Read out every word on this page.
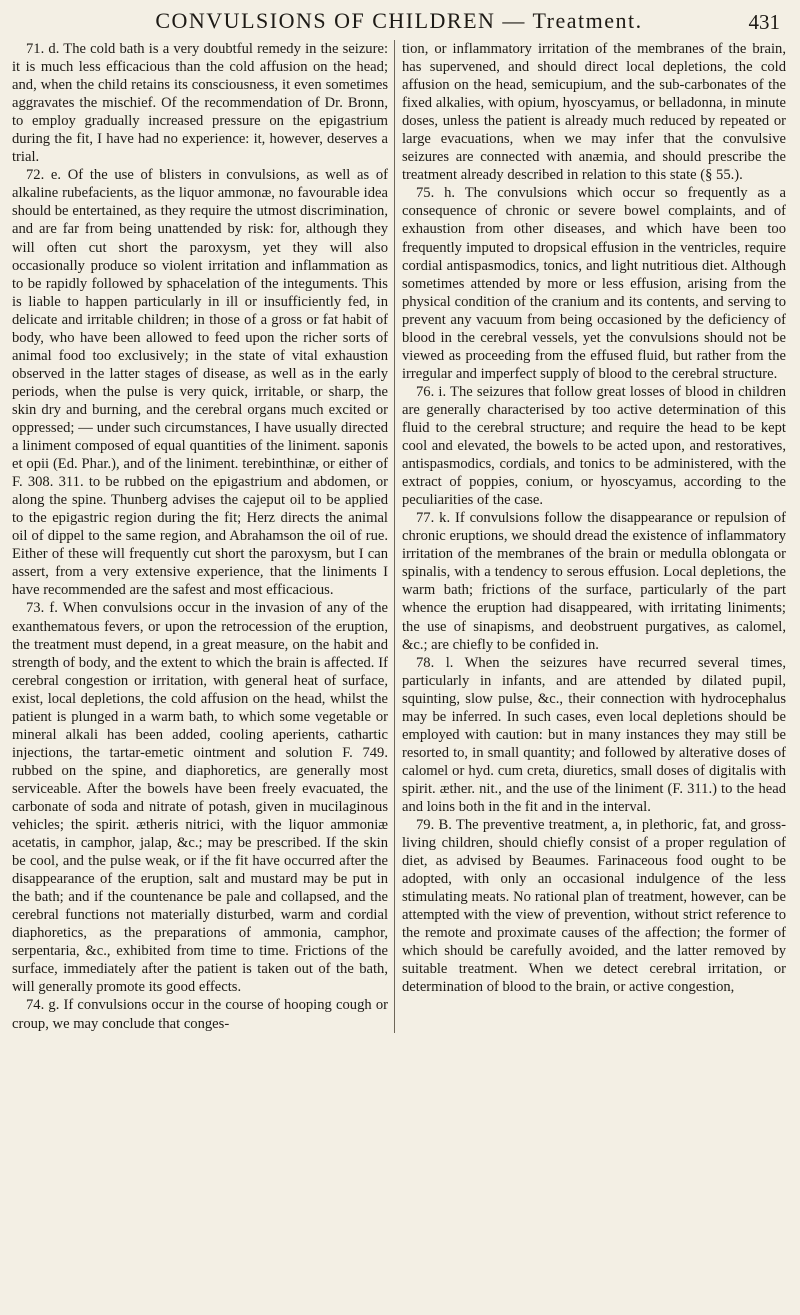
CONVULSIONS OF CHILDREN — Treatment.	431

71. d. The cold bath is a very doubtful remedy in the seizure: it is much less efficacious than the cold affusion on the head; and, when the child retains its consciousness, it even sometimes aggravates the mischief. Of the recommendation of Dr. Bronn, to employ gradually increased pressure on the epigastrium during the fit, I have had no experience: it, however, deserves a trial.

72. e. Of the use of blisters in convulsions, as well as of alkaline rubefacients, as the liquor ammonæ, no favourable idea should be entertained, as they require the utmost discrimination, and are far from being unattended by risk: for, although they will often cut short the paroxysm, yet they will also occasionally produce so violent irritation and inflammation as to be rapidly followed by sphacelation of the integuments. This is liable to happen particularly in ill or insufficiently fed, in delicate and irritable children; in those of a gross or fat habit of body, who have been allowed to feed upon the richer sorts of animal food too exclusively; in the state of vital exhaustion observed in the latter stages of disease, as well as in the early periods, when the pulse is very quick, irritable, or sharp, the skin dry and burning, and the cerebral organs much excited or oppressed; — under such circumstances, I have usually directed a liniment composed of equal quantities of the liniment. saponis et opii (Ed. Phar.), and of the liniment. terebinthinæ, or either of F. 308. 311. to be rubbed on the epigastrium and abdomen, or along the spine. Thunberg advises the cajeput oil to be applied to the epigastric region during the fit; Herz directs the animal oil of dippel to the same region, and Abrahamson the oil of rue. Either of these will frequently cut short the paroxysm, but I can assert, from a very extensive experience, that the liniments I have recommended are the safest and most efficacious.

73. f. When convulsions occur in the invasion of any of the exanthematous fevers, or upon the retrocession of the eruption, the treatment must depend, in a great measure, on the habit and strength of body, and the extent to which the brain is affected. If cerebral congestion or irritation, with general heat of surface, exist, local depletions, the cold affusion on the head, whilst the patient is plunged in a warm bath, to which some vegetable or mineral alkali has been added, cooling aperients, cathartic injections, the tartar-emetic ointment and solution F. 749. rubbed on the spine, and diaphoretics, are generally most serviceable. After the bowels have been freely evacuated, the carbonate of soda and nitrate of potash, given in mucilaginous vehicles; the spirit. ætheris nitrici, with the liquor ammoniæ acetatis, in camphor, jalap, &c.; may be prescribed. If the skin be cool, and the pulse weak, or if the fit have occurred after the disappearance of the eruption, salt and mustard may be put in the bath; and if the countenance be pale and collapsed, and the cerebral functions not materially disturbed, warm and cordial diaphoretics, as the preparations of ammonia, camphor, serpentaria, &c., exhibited from time to time. Frictions of the surface, immediately after the patient is taken out of the bath, will generally promote its good effects.

74. g. If convulsions occur in the course of hooping cough or croup, we may conclude that conges-

tion, or inflammatory irritation of the membranes of the brain, has supervened, and should direct local depletions, the cold affusion on the head, semicupium, and the sub-carbonates of the fixed alkalies, with opium, hyoscyamus, or belladonna, in minute doses, unless the patient is already much reduced by repeated or large evacuations, when we may infer that the convulsive seizures are connected with anæmia, and should prescribe the treatment already described in relation to this state (§ 55.).

75. h. The convulsions which occur so frequently as a consequence of chronic or severe bowel complaints, and of exhaustion from other diseases, and which have been too frequently imputed to dropsical effusion in the ventricles, require cordial antispasmodics, tonics, and light nutritious diet. Although sometimes attended by more or less effusion, arising from the physical condition of the cranium and its contents, and serving to prevent any vacuum from being occasioned by the deficiency of blood in the cerebral vessels, yet the convulsions should not be viewed as proceeding from the effused fluid, but rather from the irregular and imperfect supply of blood to the cerebral structure.

76. i. The seizures that follow great losses of blood in children are generally characterised by too active determination of this fluid to the cerebral structure; and require the head to be kept cool and elevated, the bowels to be acted upon, and restoratives, antispasmodics, cordials, and tonics to be administered, with the extract of poppies, conium, or hyoscyamus, according to the peculiarities of the case.

77. k. If convulsions follow the disappearance or repulsion of chronic eruptions, we should dread the existence of inflammatory irritation of the membranes of the brain or medulla oblongata or spinalis, with a tendency to serous effusion. Local depletions, the warm bath; frictions of the surface, particularly of the part whence the eruption had disappeared, with irritating liniments; the use of sinapisms, and deobstruent purgatives, as calomel, &c.; are chiefly to be confided in.

78. l. When the seizures have recurred several times, particularly in infants, and are attended by dilated pupil, squinting, slow pulse, &c., their connection with hydrocephalus may be inferred. In such cases, even local depletions should be employed with caution: but in many instances they may still be resorted to, in small quantity; and followed by alterative doses of calomel or hyd. cum creta, diuretics, small doses of digitalis with spirit. æther. nit., and the use of the liniment (F. 311.) to the head and loins both in the fit and in the interval.

79. B. The preventive treatment, a, in plethoric, fat, and gross-living children, should chiefly consist of a proper regulation of diet, as advised by Beaumes. Farinaceous food ought to be adopted, with only an occasional indulgence of the less stimulating meats. No rational plan of treatment, however, can be attempted with the view of prevention, without strict reference to the remote and proximate causes of the affection; the former of which should be carefully avoided, and the latter removed by suitable treatment. When we detect cerebral irritation, or determination of blood to the brain, or active congestion,
